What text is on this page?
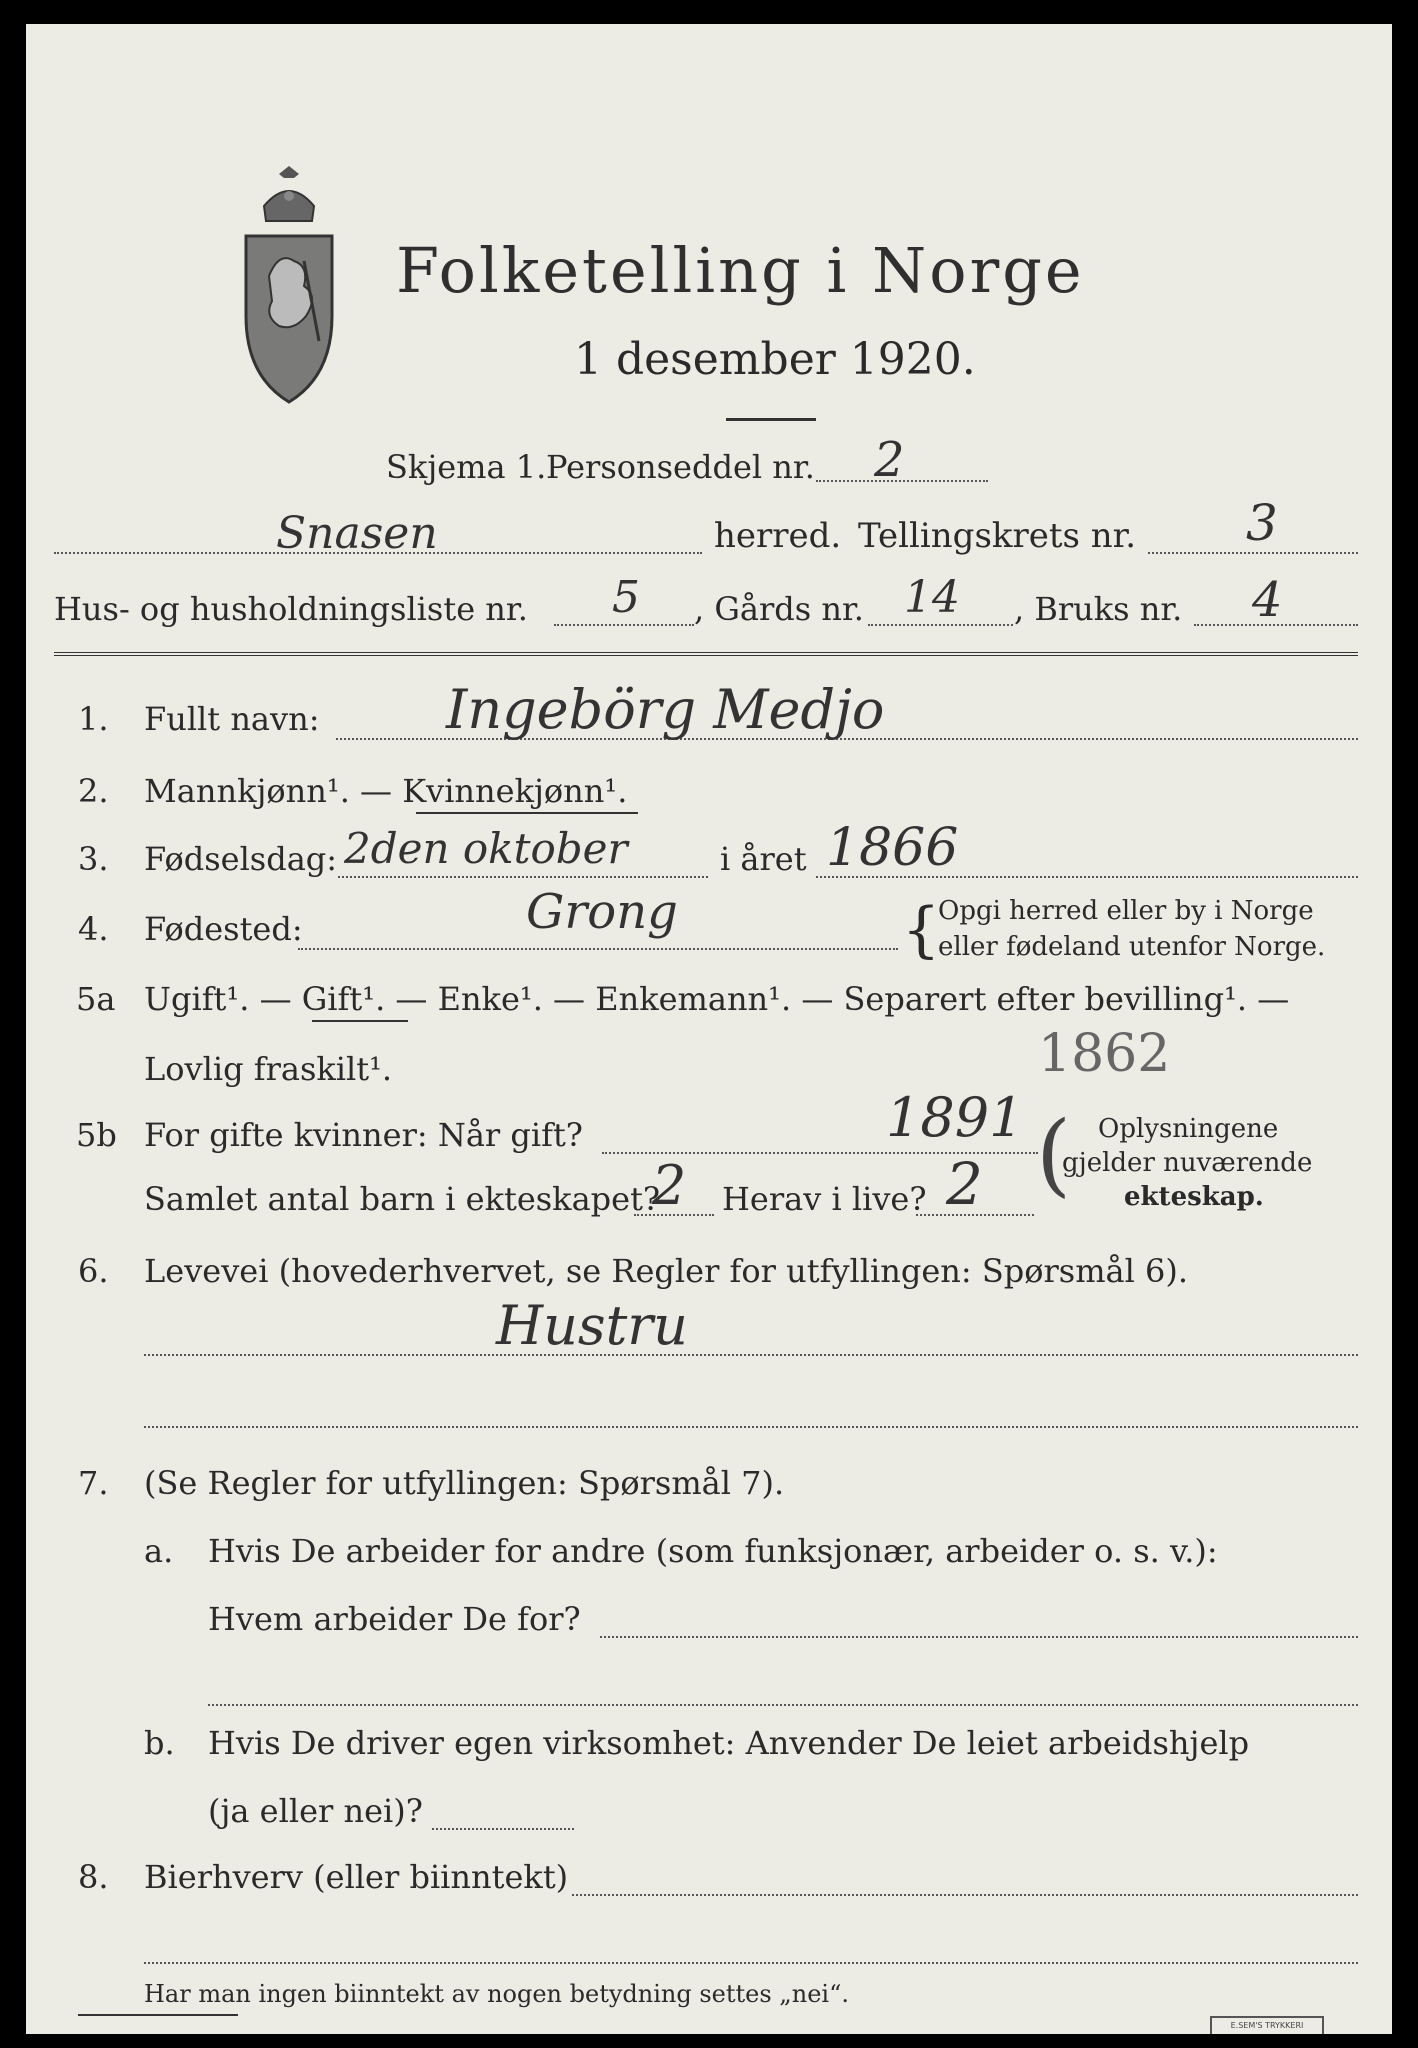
Folketelling i Norge
1 desember 1920.
Skjema 1. Personseddel nr. 2
Snasen	herred. Tellingskrets nr. 3
Hus- og husholdningsliste nr. 5 , Gårds nr. 14 , Bruks nr. 4
1. Fullt navn: Ingebörg Medjo
2. Mannkjønn¹. — Kvinnekjønn¹.
3. Fødselsdag: 2den oktober	i året 1866
4. Fødested:	Grong	{
Opgi herred eller by i Norge
eller fødeland utenfor Norge.
5a Ugift¹. — Gift¹. — Enke¹. — Enkemann¹. — Separert efter bevilling¹. —
Lovlig fraskilt¹.	1862
5b For gifte kvinner: Når gift?	1891
Samlet antal barn i ekteskapet?
2 Herav i live? 2 ( Oplysningene
gjelder nuværende
ekteskap.
6. Levevei (hovederhvervet, se Regler for utfyllingen: Spørsmål 6).
Hustru
7. (Se Regler for utfyllingen: Spørsmål 7).
a. Hvis De arbeider for andre (som funksjonær, arbeider o. s. v.):
Hvem arbeider De for?
b. Hvis De driver egen virksomhet: Anvender De leiet arbeidshjelp
(ja eller nei)?
8. Bierhverv (eller biinntekt)
Har man ingen biinntekt av nogen betydning settes „nei“.
E.SEM'S TRYKKERI
